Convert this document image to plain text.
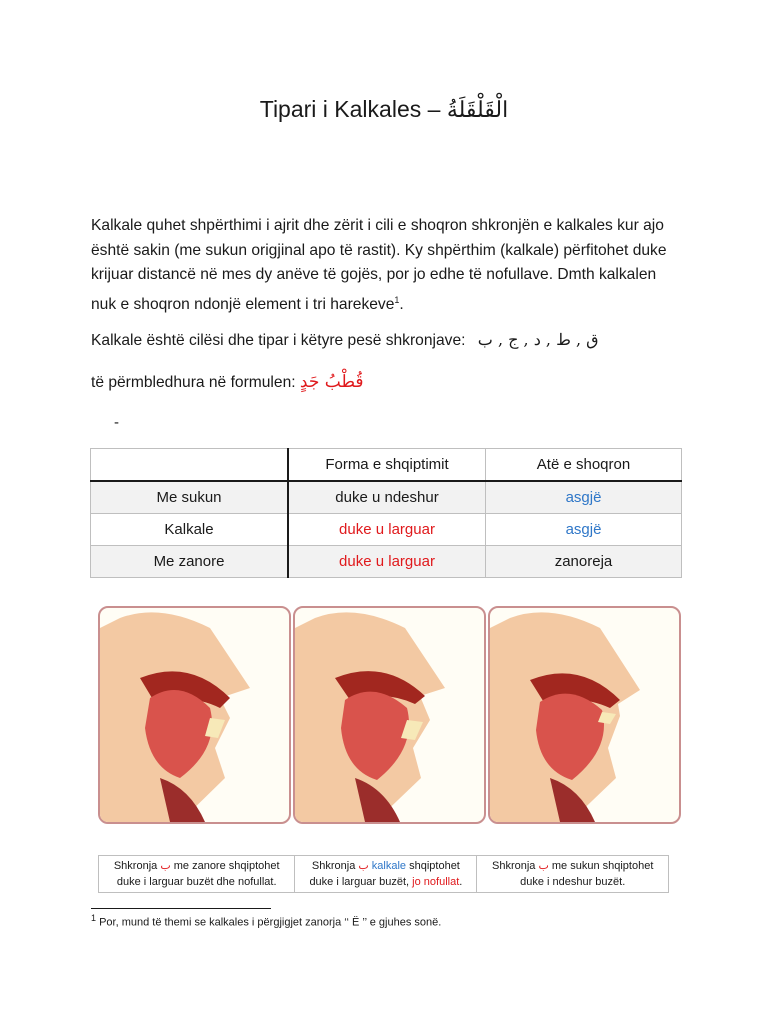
Tipari i Kalkales – الْقَلْقَلَةُ
Kalkale quhet shpërthimi i ajrit dhe zërit i cili e shoqron shkronjën e kalkales kur ajo është sakin (me sukun origjinal apo të rastit). Ky shpërthim (kalkale) përfitohet duke krijuar distancë në mes dy anëve të gojës, por jo edhe të nofullave. Dmth kalkalen nuk e shoqron ndonjë element i tri harekeve$^1$.
Kalkale është cilësi dhe tipar i këtyre pesë shkronjave: ق , ط , د , ج , ب
të përmbledhura në formulen: قُطْبُ جَدٍ
-
	Forma e shqiptimit	Atë e shoqron
Me sukun	duke u ndeshur	asgjë
Kalkale	duke u larguar	asgjë
Me zanore	duke u larguar	zanoreja
Shkronja ب me zanore shqiptohet
duke i larguar buzët dhe nofullat.	Shkronja ب kalkale shqiptohet
duke i larguar buzët, jo nofullat.	Shkronja ب me sukun shqiptohet
duke i ndeshur buzët.
$^1$ Por, mund të themi se kalkales i përgjigjet zanorja ‘‘ Ë ’’ e gjuhes sonë.
